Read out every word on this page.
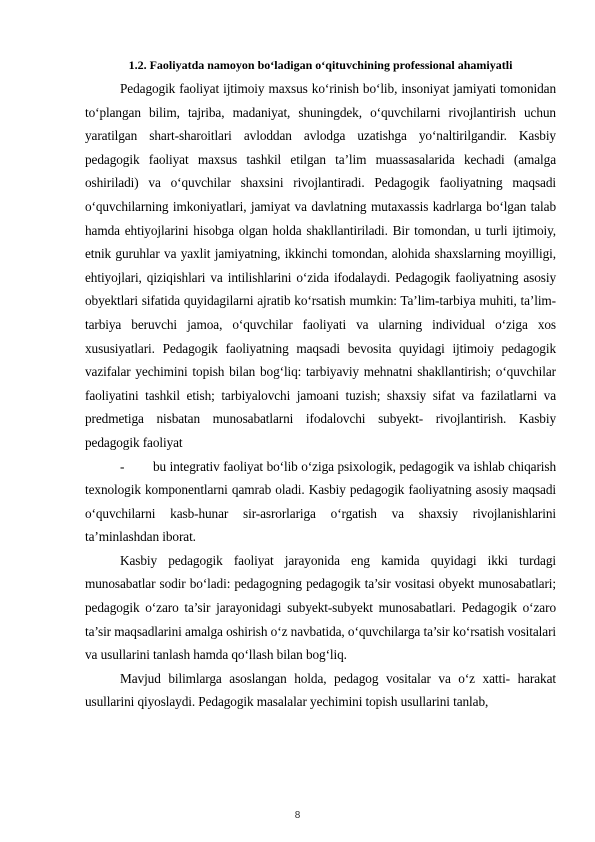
1.2. Faoliyatda namoyon bo‘ladigan o‘qituvchining professional ahamiyatli

Pedagogik faoliyat ijtimoiy maxsus ko‘rinish bo‘lib, insoniyat jamiyati tomonidan to‘plangan bilim, tajriba, madaniyat, shuningdek, o‘quvchilarni rivojlantirish uchun yaratilgan shart-sharoitlari avloddan avlodga uzatishga yo‘naltirilgandir. Kasbiy pedagogik faoliyat maxsus tashkil etilgan ta’lim muassasalarida kechadi (amalga oshiriladi) va o‘quvchilar shaxsini rivojlantiradi. Pedagogik faoliyatning maqsadi o‘quvchilarning imkoniyatlari, jamiyat va davlatning mutaxassis kadrlarga bo‘lgan talab hamda ehtiyojlarini hisobga olgan holda shakllantiriladi. Bir tomondan, u turli ijtimoiy, etnik guruhlar va yaxlit jamiyatning, ikkinchi tomondan, alohida shaxslarning moyilligi, ehtiyojlari, qiziqishlari va intilishlarini o‘zida ifodalaydi. Pedagogik faoliyatning asosiy obyektlari sifatida quyidagilarni ajratib ko‘rsatish mumkin: Ta’lim-tarbiya muhiti, ta’lim-tarbiya beruvchi jamoa, o‘quvchilar faoliyati va ularning individual o‘ziga xos xususiyatlari. Pedagogik faoliyatning maqsadi bevosita quyidagi ijtimoiy pedagogik vazifalar yechimini topish bilan bog‘liq: tarbiyaviy mehnatni shakllantirish; o‘quvchilar faoliyatini tashkil etish; tarbiyalovchi jamoani tuzish; shaxsiy sifat va fazilatlarni va predmetiga nisbatan munosabatlarni ifodalovchi subyekt- rivojlantirish. Kasbiy pedagogik faoliyat

- bu integrativ faoliyat bo‘lib o‘ziga psixologik, pedagogik va ishlab chiqarish texnologik komponentlarni qamrab oladi. Kasbiy pedagogik faoliyatning asosiy maqsadi o‘quvchilarni kasb-hunar sir-asrorlariga o‘rgatish va shaxsiy rivojlanishlarini ta’minlashdan iborat.

Kasbiy pedagogik faoliyat jarayonida eng kamida quyidagi ikki turdagi munosabatlar sodir bo‘ladi: pedagogning pedagogik ta’sir vositasi obyekt munosabatlari; pedagogik o‘zaro ta’sir jarayonidagi subyekt-subyekt munosabatlari. Pedagogik o‘zaro ta’sir maqsadlarini amalga oshirish o‘z navbatida, o‘quvchilarga ta’sir ko‘rsatish vositalari va usullarini tanlash hamda qo‘llash bilan bog‘liq.

Mavjud bilimlarga asoslangan holda, pedagog vositalar va o‘z xatti- harakat usullarini qiyoslaydi. Pedagogik masalalar yechimini topish usullarini tanlab,

8
